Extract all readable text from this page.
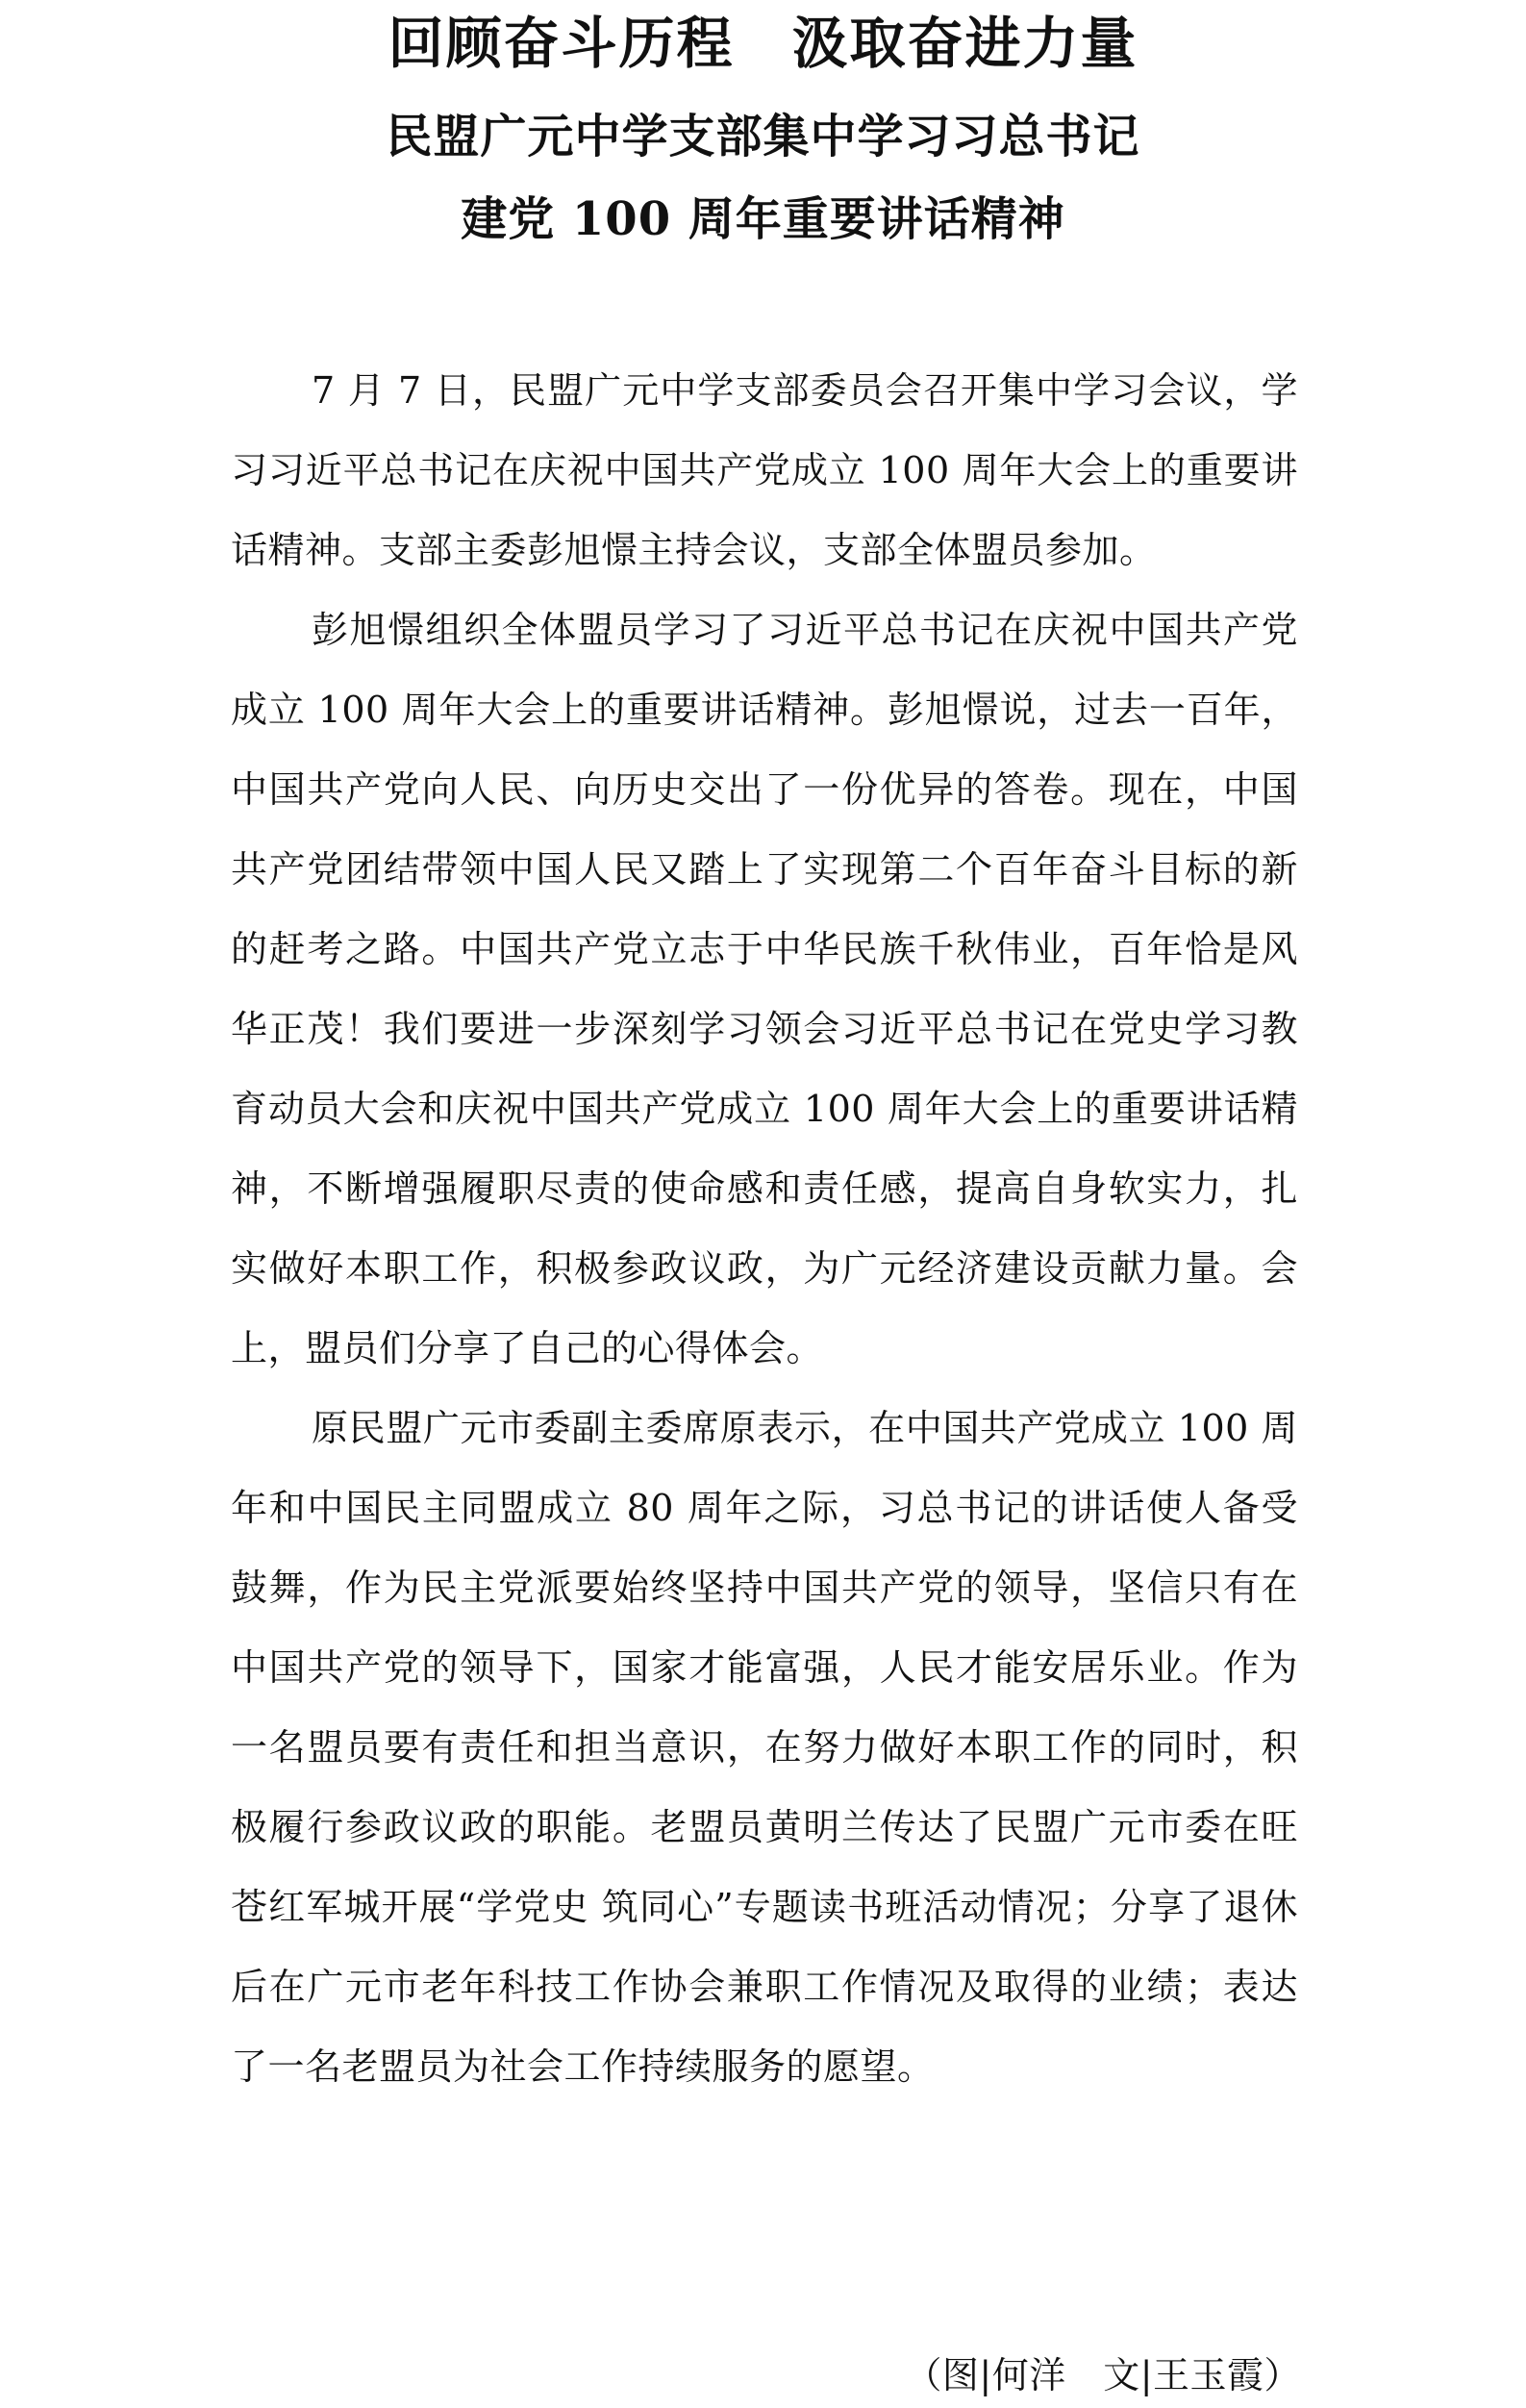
回顾奋斗历程　汲取奋进力量
民盟广元中学支部集中学习习总书记
建党 100 周年重要讲话精神

7 月 7 日，民盟广元中学支部委员会召开集中学习会议，学习习近平总书记在庆祝中国共产党成立 100 周年大会上的重要讲话精神。支部主委彭旭憬主持会议，支部全体盟员参加。

彭旭憬组织全体盟员学习了习近平总书记在庆祝中国共产党成立 100 周年大会上的重要讲话精神。彭旭憬说，过去一百年，中国共产党向人民、向历史交出了一份优异的答卷。现在，中国共产党团结带领中国人民又踏上了实现第二个百年奋斗目标的新的赶考之路。中国共产党立志于中华民族千秋伟业，百年恰是风华正茂！我们要进一步深刻学习领会习近平总书记在党史学习教育动员大会和庆祝中国共产党成立 100 周年大会上的重要讲话精神，不断增强履职尽责的使命感和责任感，提高自身软实力，扎实做好本职工作，积极参政议政，为广元经济建设贡献力量。会上，盟员们分享了自己的心得体会。

原民盟广元市委副主委席原表示，在中国共产党成立 100 周年和中国民主同盟成立 80 周年之际，习总书记的讲话使人备受鼓舞，作为民主党派要始终坚持中国共产党的领导，坚信只有在中国共产党的领导下，国家才能富强，人民才能安居乐业。作为一名盟员要有责任和担当意识，在努力做好本职工作的同时，积极履行参政议政的职能。老盟员黄明兰传达了民盟广元市委在旺苍红军城开展“学党史 筑同心”专题读书班活动情况；分享了退休后在广元市老年科技工作协会兼职工作情况及取得的业绩；表达了一名老盟员为社会工作持续服务的愿望。

（图|何洋　文|王玉霞）
